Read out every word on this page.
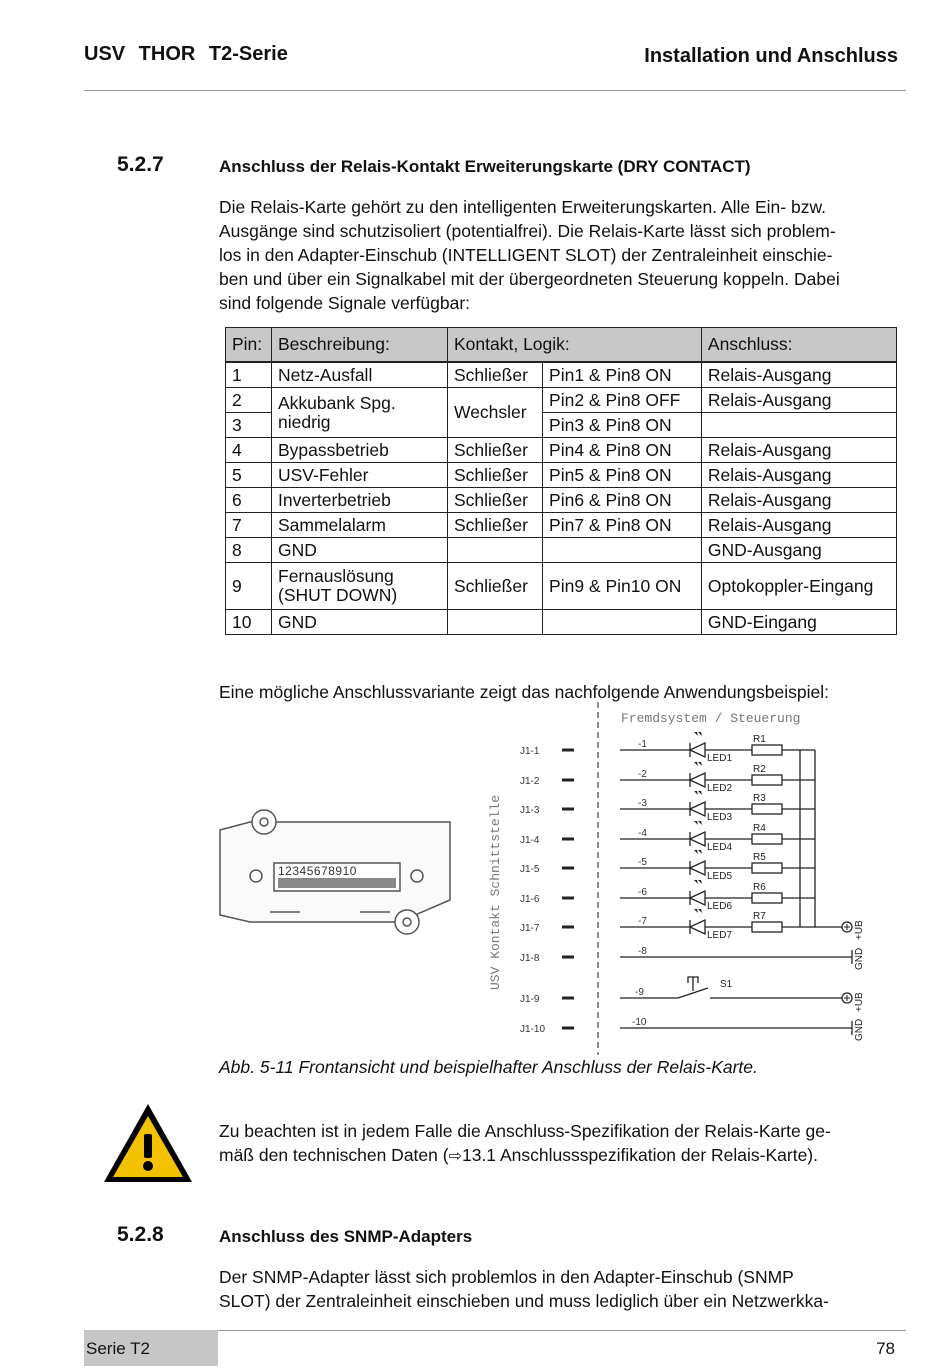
USV THOR T2-Serie	Installation und Anschluss
5.2.7	Anschluss der Relais-Kontakt Erweiterungskarte (DRY CONTACT)
Die Relais-Karte gehört zu den intelligenten Erweiterungskarten. Alle Ein- bzw.
Ausgänge sind schutzisoliert (potentialfrei). Die Relais-Karte lässt sich problem-
los in den Adapter-Einschub (INTELLIGENT SLOT) der Zentraleinheit einschie-
ben und über ein Signalkabel mit der übergeordneten Steuerung koppeln. Dabei
sind folgende Signale verfügbar:
Pin:	Beschreibung:	Kontakt, Logik:		Anschluss:
1	Netz-Ausfall	Schließer	Pin1 & Pin8 ON	Relais-Ausgang
2	Akkubank Spg. niedrig	Wechsler	Pin2 & Pin8 OFF	Relais-Ausgang
3			Pin3 & Pin8 ON	
4	Bypassbetrieb	Schließer	Pin4 & Pin8 ON	Relais-Ausgang
5	USV-Fehler	Schließer	Pin5 & Pin8 ON	Relais-Ausgang
6	Inverterbetrieb	Schließer	Pin6 & Pin8 ON	Relais-Ausgang
7	Sammelalarm	Schließer	Pin7 & Pin8 ON	Relais-Ausgang
8	GND			GND-Ausgang
9	Fernauslösung (SHUT DOWN)	Schließer	Pin9 & Pin10 ON	Optokoppler-Eingang
10	GND			GND-Eingang
Eine mögliche Anschlussvariante zeigt das nachfolgende Anwendungsbeispiel:
12345678910
Fremdsystem / Steuerung
USV Kontakt Schnittstelle
J1-1
J1-2
J1-3
J1-4
J1-5
J1-6
J1-7
J1-8
J1-9
J1-10
-1
-2
-3
-4
-5
-6
-7
-8
-9
-10
LED1
LED2
LED3
LED4
LED5
LED6
LED7
R1
R2
R3
R4
R5
R6
R7
S1
+UB
+UB
GND
GND
Abb. 5-11 Frontansicht und beispielhafter Anschluss der Relais-Karte.
Zu beachten ist in jedem Falle die Anschluss-Spezifikation der Relais-Karte ge-
mäß den technischen Daten (⇨13.1 Anschlussspezifikation der Relais-Karte).
5.2.8	Anschluss des SNMP-Adapters
Der SNMP-Adapter lässt sich problemlos in den Adapter-Einschub (SNMP
SLOT) der Zentraleinheit einschieben und muss lediglich über ein Netzwerkka-
Serie T2	78
